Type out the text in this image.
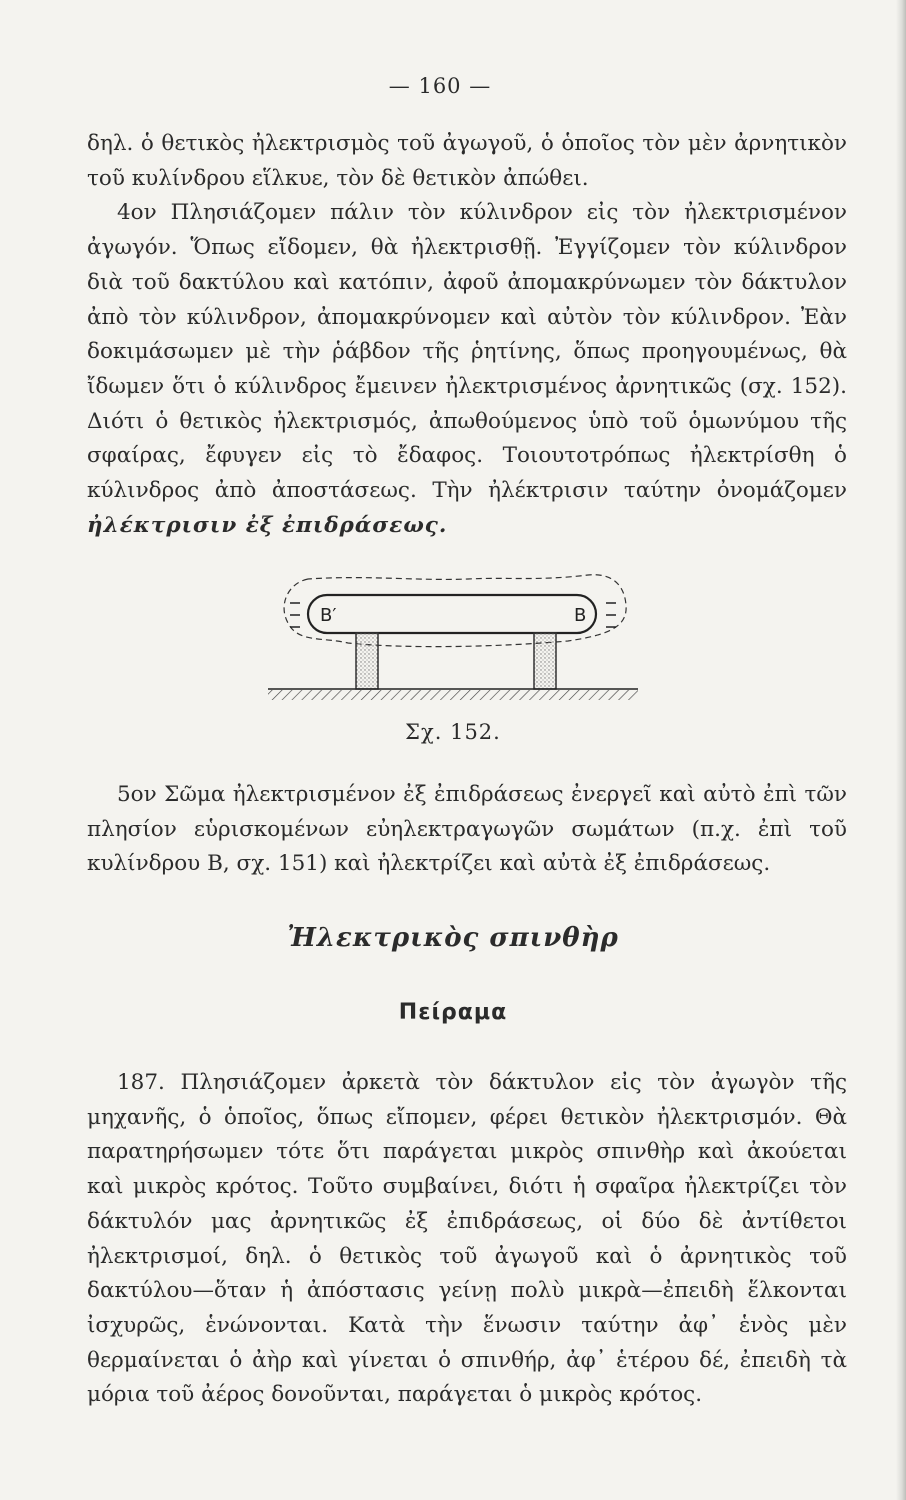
— 160 —

δηλ. ὁ θετικὸς ἠλεκτρισμὸς τοῦ ἀγωγοῦ, ὁ ὁποῖος τὸν μὲν ἀρνητικὸν τοῦ κυλίνδρου εἵλκυε, τὸν δὲ θετικὸν ἀπώθει.

4ον Πλησιάζομεν πάλιν τὸν κύλινδρον εἰς τὸν ἠλεκτρισμένον ἀγωγόν. Ὅπως εἴδομεν, θὰ ἠλεκτρισθῇ. Ἐγγίζομεν τὸν κύλινδρον διὰ τοῦ δακτύλου καὶ κατόπιν, ἀφοῦ ἀπομακρύνωμεν τὸν δάκτυλον ἀπὸ τὸν κύλινδρον, ἀπομακρύνομεν καὶ αὐτὸν τὸν κύλινδρον. Ἐὰν δοκιμάσωμεν μὲ τὴν ῥάβδον τῆς ῥητίνης, ὅπως προηγουμένως, θὰ ἴδωμεν ὅτι ὁ κύλινδρος ἔμεινεν ἠλεκτρισμένος ἀρνητικῶς (σχ. 152). Διότι ὁ θετικὸς ἠλεκτρισμός, ἀπωθούμενος ὑπὸ τοῦ ὁμωνύμου τῆς σφαίρας, ἔφυγεν εἰς τὸ ἔδαφος. Τοιουτοτρόπως ἠλεκτρίσθη ὁ κύλινδρος ἀπὸ ἀποστάσεως. Τὴν ἠλέκτρισιν ταύτην ὀνομάζομεν ἠλέκτρισιν ἐξ ἐπιδράσεως.

B′	B
Σχ. 152.

5ον Σῶμα ἠλεκτρισμένον ἐξ ἐπιδράσεως ἐνεργεῖ καὶ αὐτὸ ἐπὶ τῶν πλησίον εὑρισκομένων εὐηλεκτραγωγῶν σωμάτων (π.χ. ἐπὶ τοῦ κυλίνδρου Β, σχ. 151) καὶ ἠλεκτρίζει καὶ αὐτὰ ἐξ ἐπιδράσεως.

Ἠλεκτρικὸς σπινθὴρ
Πείραμα

187. Πλησιάζομεν ἀρκετὰ τὸν δάκτυλον εἰς τὸν ἀγωγὸν τῆς μηχανῆς, ὁ ὁποῖος, ὅπως εἴπομεν, φέρει θετικὸν ἠλεκτρισμόν. Θὰ παρατηρήσωμεν τότε ὅτι παράγεται μικρὸς σπινθὴρ καὶ ἀκούεται καὶ μικρὸς κρότος. Τοῦτο συμβαίνει, διότι ἡ σφαῖρα ἠλεκτρίζει τὸν δάκτυλόν μας ἀρνητικῶς ἐξ ἐπιδράσεως, οἱ δύο δὲ ἀντίθετοι ἠλεκτρισμοί, δηλ. ὁ θετικὸς τοῦ ἀγωγοῦ καὶ ὁ ἀρνητικὸς τοῦ δακτύλου—ὅταν ἡ ἀπόστασις γείνῃ πολὺ μικρὰ—ἐπειδὴ ἕλκονται ἰσχυρῶς, ἑνώνονται. Κατὰ τὴν ἕνωσιν ταύτην ἀφ᾽ ἑνὸς μὲν θερμαίνεται ὁ ἀὴρ καὶ γίνεται ὁ σπινθήρ, ἀφ᾽ ἑτέρου δέ, ἐπειδὴ τὰ μόρια τοῦ ἀέρος δονοῦνται, παράγεται ὁ μικρὸς κρότος.
